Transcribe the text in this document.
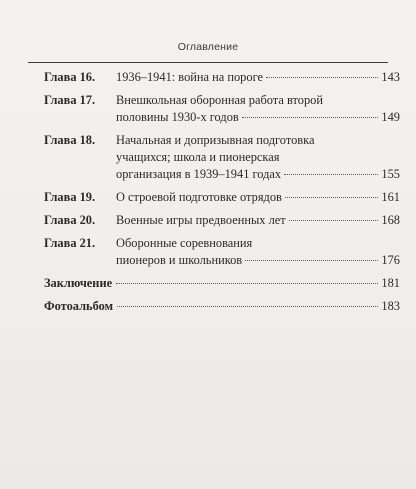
Оглавление
Глава 16.	1936–1941: война на пороге	143
Глава 17.	Внешкольная оборонная работа второй
половины 1930-х годов	149
Глава 18.	Начальная и допризывная подготовка
учащихся; школа и пионерская
организация в 1939–1941 годах	155
Глава 19.	О строевой подготовке отрядов	161
Глава 20.	Военные игры предвоенных лет	168
Глава 21.	Оборонные соревнования
пионеров и школьников	176
Заключение	181
Фотоальбом	183
